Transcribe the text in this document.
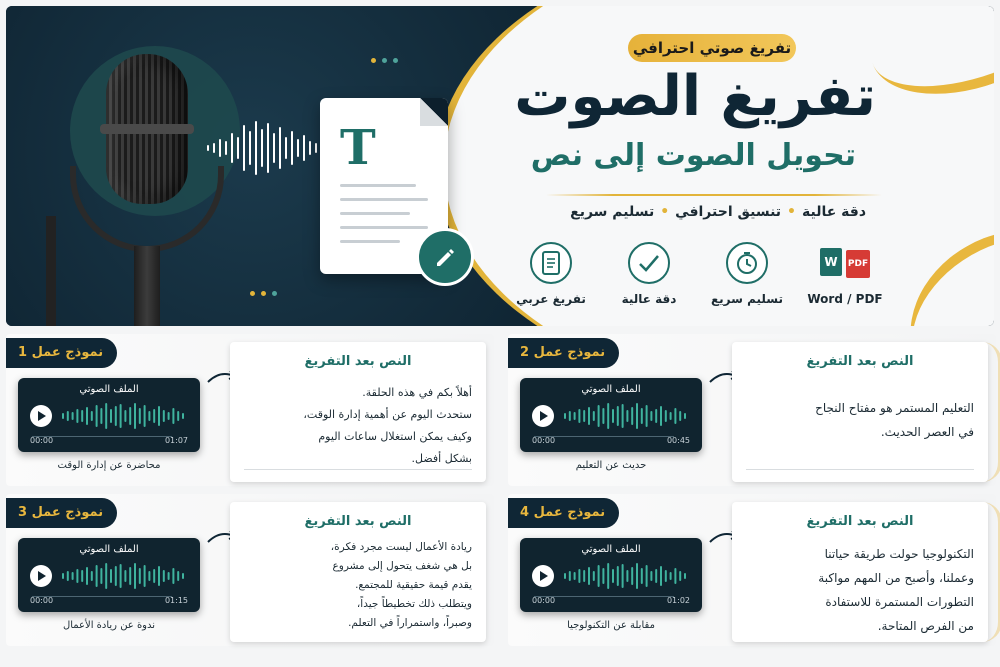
T
تفريغ صوتي احترافي
تفريغ الصوت
تحويل الصوت إلى نص
دقة عالية•تنسيق احترافي•تسليم سريع
W PDF
Word / PDF
تسليم سريع
دقة عالية
تفريغ عربي
نموذج عمل 1
الملف الصوتي
00:00	01:07
محاضرة عن إدارة الوقت
النص بعد التفريغ
أهلاً بكم في هذه الحلقة.
ستحدث اليوم عن أهمية إدارة الوقت،
وكيف يمكن استغلال ساعات اليوم
بشكل أفضل.
نموذج عمل 2
الملف الصوتي
00:00	00:45
حديث عن التعليم
النص بعد التفريغ
التعليم المستمر هو مفتاح النجاح
في العصر الحديث.
نموذج عمل 3
الملف الصوتي
00:00	01:15
ندوة عن ريادة الأعمال
النص بعد التفريغ
ريادة الأعمال ليست مجرد فكرة،
بل هي شغف يتحول إلى مشروع
يقدم قيمة حقيقية للمجتمع.
ويتطلب ذلك تخطيطاً جيداً،
وصبراً، واستمراراً في التعلم.
نموذج عمل 4
الملف الصوتي
00:00	01:02
مقابلة عن التكنولوجيا
النص بعد التفريغ
التكنولوجيا حولت طريقة حياتنا
وعملنا، وأصبح من المهم مواكبة
التطورات المستمرة للاستفادة
من الفرص المتاحة.
